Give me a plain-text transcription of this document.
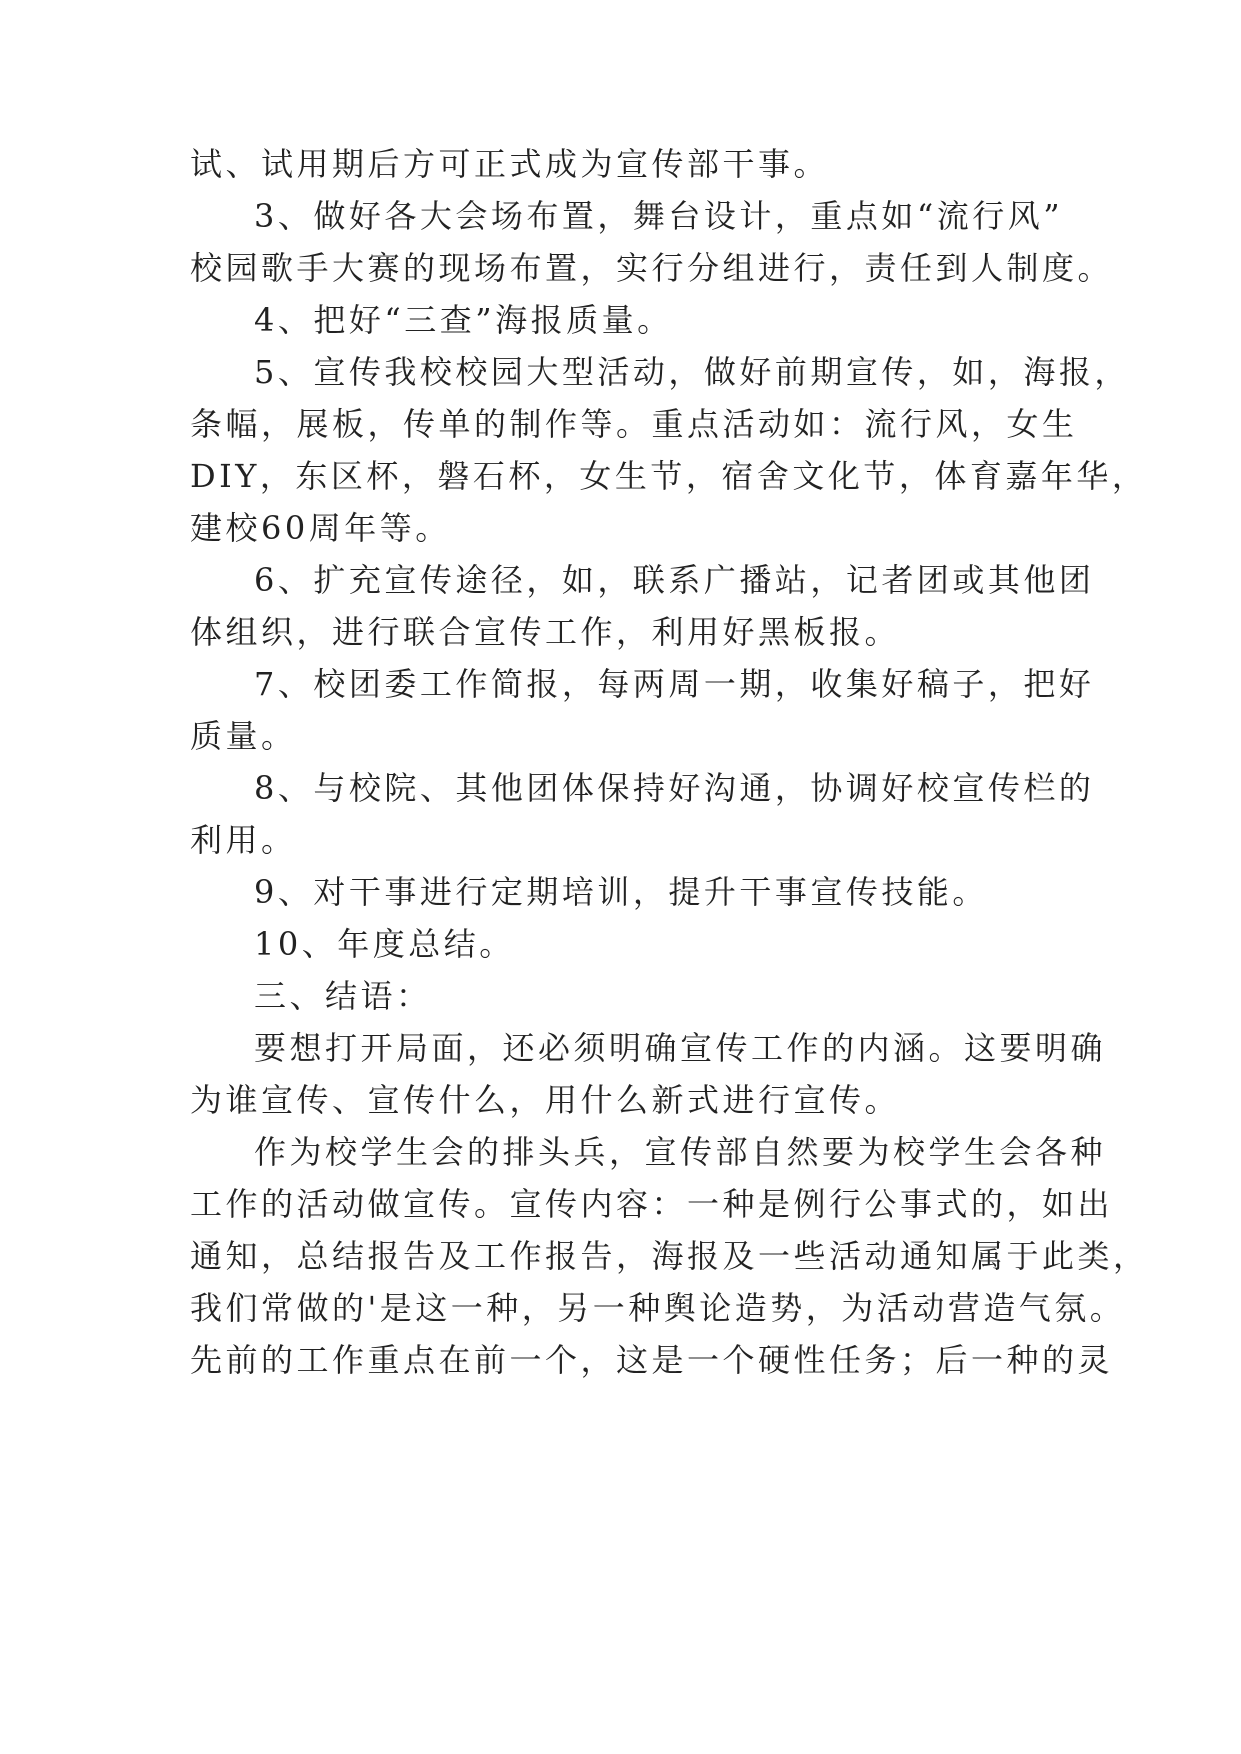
试、试用期后方可正式成为宣传部干事。
3、做好各大会场布置，舞台设计，重点如“流行风”
校园歌手大赛的现场布置，实行分组进行，责任到人制度。
4、把好“三查”海报质量。
5、宣传我校校园大型活动，做好前期宣传，如，海报，
条幅，展板，传单的制作等。重点活动如：流行风，女生
DIY，东区杯，磐石杯，女生节，宿舍文化节，体育嘉年华，
建校60周年等。
6、扩充宣传途径，如，联系广播站，记者团或其他团
体组织，进行联合宣传工作，利用好黑板报。
7、校团委工作简报，每两周一期，收集好稿子，把好
质量。
8、与校院、其他团体保持好沟通，协调好校宣传栏的
利用。
9、对干事进行定期培训，提升干事宣传技能。
10、年度总结。
三、结语：
要想打开局面，还必须明确宣传工作的内涵。这要明确
为谁宣传、宣传什么，用什么新式进行宣传。
作为校学生会的排头兵，宣传部自然要为校学生会各种
工作的活动做宣传。宣传内容：一种是例行公事式的，如出
通知，总结报告及工作报告，海报及一些活动通知属于此类，
我们常做的'是这一种，另一种舆论造势，为活动营造气氛。
先前的工作重点在前一个，这是一个硬性任务；后一种的灵
